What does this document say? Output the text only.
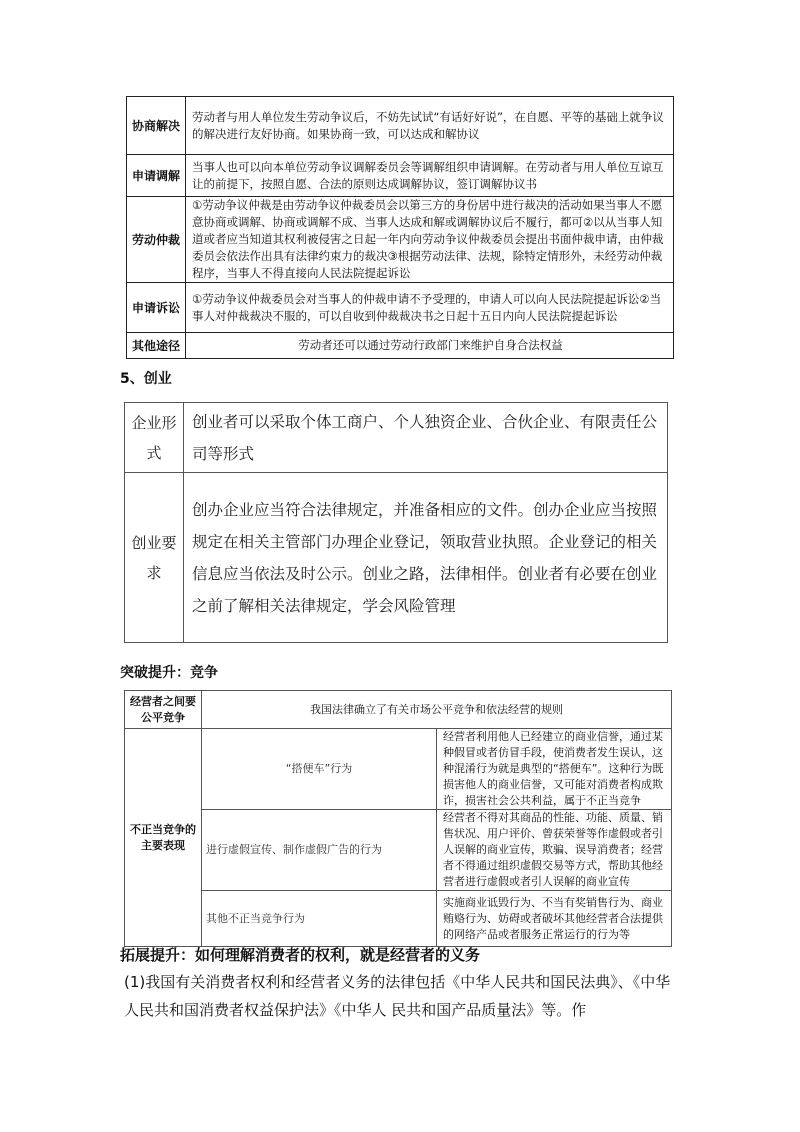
协商解决	劳动者与用人单位发生劳动争议后，不妨先试试“有话好好说”，在自愿、平等的基础上就争议的解决进行友好协商。如果协商一致，可以达成和解协议
申请调解	当事人也可以向本单位劳动争议调解委员会等调解组织申请调解。在劳动者与用人单位互谅互让的前提下，按照自愿、合法的原则达成调解协议，签订调解协议书
劳动仲裁	①劳动争议仲裁是由劳动争议仲裁委员会以第三方的身份居中进行裁决的活动如果当事人不愿意协商或调解、协商或调解不成、当事人达成和解或调解协议后不履行，都可②以从当事人知道或者应当知道其权利被侵害之日起一年内向劳动争议仲裁委员会提出书面仲裁申请，由仲裁委员会依法作出具有法律约束力的裁决③根据劳动法律、法规，除特定情形外，未经劳动仲裁程序，当事人不得直接向人民法院提起诉讼
申请诉讼	①劳动争议仲裁委员会对当事人的仲裁申请不予受理的，申请人可以向人民法院提起诉讼②当事人对仲裁裁决不服的，可以自收到仲裁裁决书之日起十五日内向人民法院提起诉讼
其他途径	劳动者还可以通过劳动行政部门来维护自身合法权益
5、创业
企业形式	创业者可以采取个体工商户、个人独资企业、合伙企业、有限责任公司等形式
创业要求	创办企业应当符合法律规定，并准备相应的文件。创办企业应当按照规定在相关主管部门办理企业登记，领取营业执照。企业登记的相关信息应当依法及时公示。创业之路，法律相伴。创业者有必要在创业之前了解相关法律规定，学会风险管理
突破提升：竞争
经营者之间要公平竞争	我国法律确立了有关市场公平竞争和依法经营的规则	
不正当竞争的主要表现	“搭便车”行为	经营者利用他人已经建立的商业信誉，通过某种假冒或者仿冒手段，使消费者发生误认，这种混淆行为就是典型的“搭便车”。这种行为既损害他人的商业信誉，又可能对消费者构成欺诈，损害社会公共利益，属于不正当竞争
	进行虚假宣传、制作虚假广告的行为	经营者不得对其商品的性能、功能、质量、销售状况、用户评价、曾获荣誉等作虚假或者引人误解的商业宣传，欺骗、误导消费者；经营者不得通过组织虚假交易等方式，帮助其他经营者进行虚假或者引人误解的商业宣传
	其他不正当竞争行为	实施商业诋毁行为、不当有奖销售行为、商业贿赂行为、妨碍或者破坏其他经营者合法提供的网络产品或者服务正常运行的行为等
拓展提升：如何理解消费者的权利，就是经营者的义务
(1)我国有关消费者权利和经营者义务的法律包括《中华人民共和国民法典》、《中华人民共和国消费者权益保护法》《中华人 民共和国产品质量法》等。作
